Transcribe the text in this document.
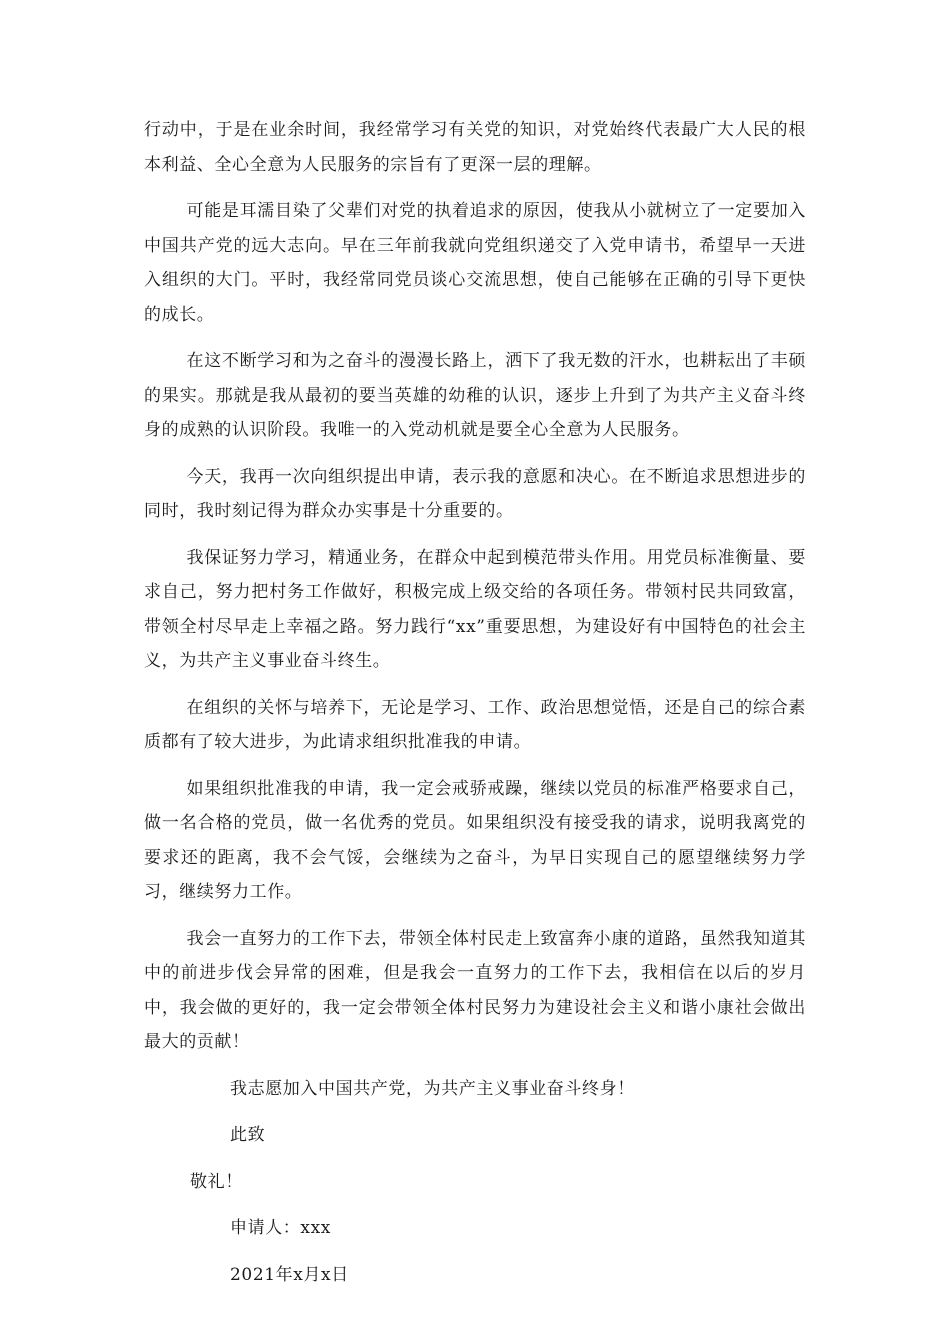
行动中，于是在业余时间，我经常学习有关党的知识，对党始终代表最广大人民的根本利益、全心全意为人民服务的宗旨有了更深一层的理解。

可能是耳濡目染了父辈们对党的执着追求的原因，使我从小就树立了一定要加入中国共产党的远大志向。早在三年前我就向党组织递交了入党申请书，希望早一天进入组织的大门。平时，我经常同党员谈心交流思想，使自己能够在正确的引导下更快的成长。

在这不断学习和为之奋斗的漫漫长路上，洒下了我无数的汗水，也耕耘出了丰硕的果实。那就是我从最初的要当英雄的幼稚的认识，逐步上升到了为共产主义奋斗终身的成熟的认识阶段。我唯一的入党动机就是要全心全意为人民服务。

今天，我再一次向组织提出申请，表示我的意愿和决心。在不断追求思想进步的同时，我时刻记得为群众办实事是十分重要的。

我保证努力学习，精通业务，在群众中起到模范带头作用。用党员标准衡量、要求自己，努力把村务工作做好，积极完成上级交给的各项任务。带领村民共同致富，带领全村尽早走上幸福之路。努力践行“xx”重要思想，为建设好有中国特色的社会主义，为共产主义事业奋斗终生。

在组织的关怀与培养下，无论是学习、工作、政治思想觉悟，还是自己的综合素质都有了较大进步，为此请求组织批准我的申请。

如果组织批准我的申请，我一定会戒骄戒躁，继续以党员的标准严格要求自己，做一名合格的党员，做一名优秀的党员。如果组织没有接受我的请求，说明我离党的要求还的距离，我不会气馁，会继续为之奋斗，为早日实现自己的愿望继续努力学习，继续努力工作。

我会一直努力的工作下去，带领全体村民走上致富奔小康的道路，虽然我知道其中的前进步伐会异常的困难，但是我会一直努力的工作下去，我相信在以后的岁月中，我会做的更好的，我一定会带领全体村民努力为建设社会主义和谐小康社会做出最大的贡献！

我志愿加入中国共产党，为共产主义事业奋斗终身！

此致

敬礼！

申请人：xxx

2021年x月x日
